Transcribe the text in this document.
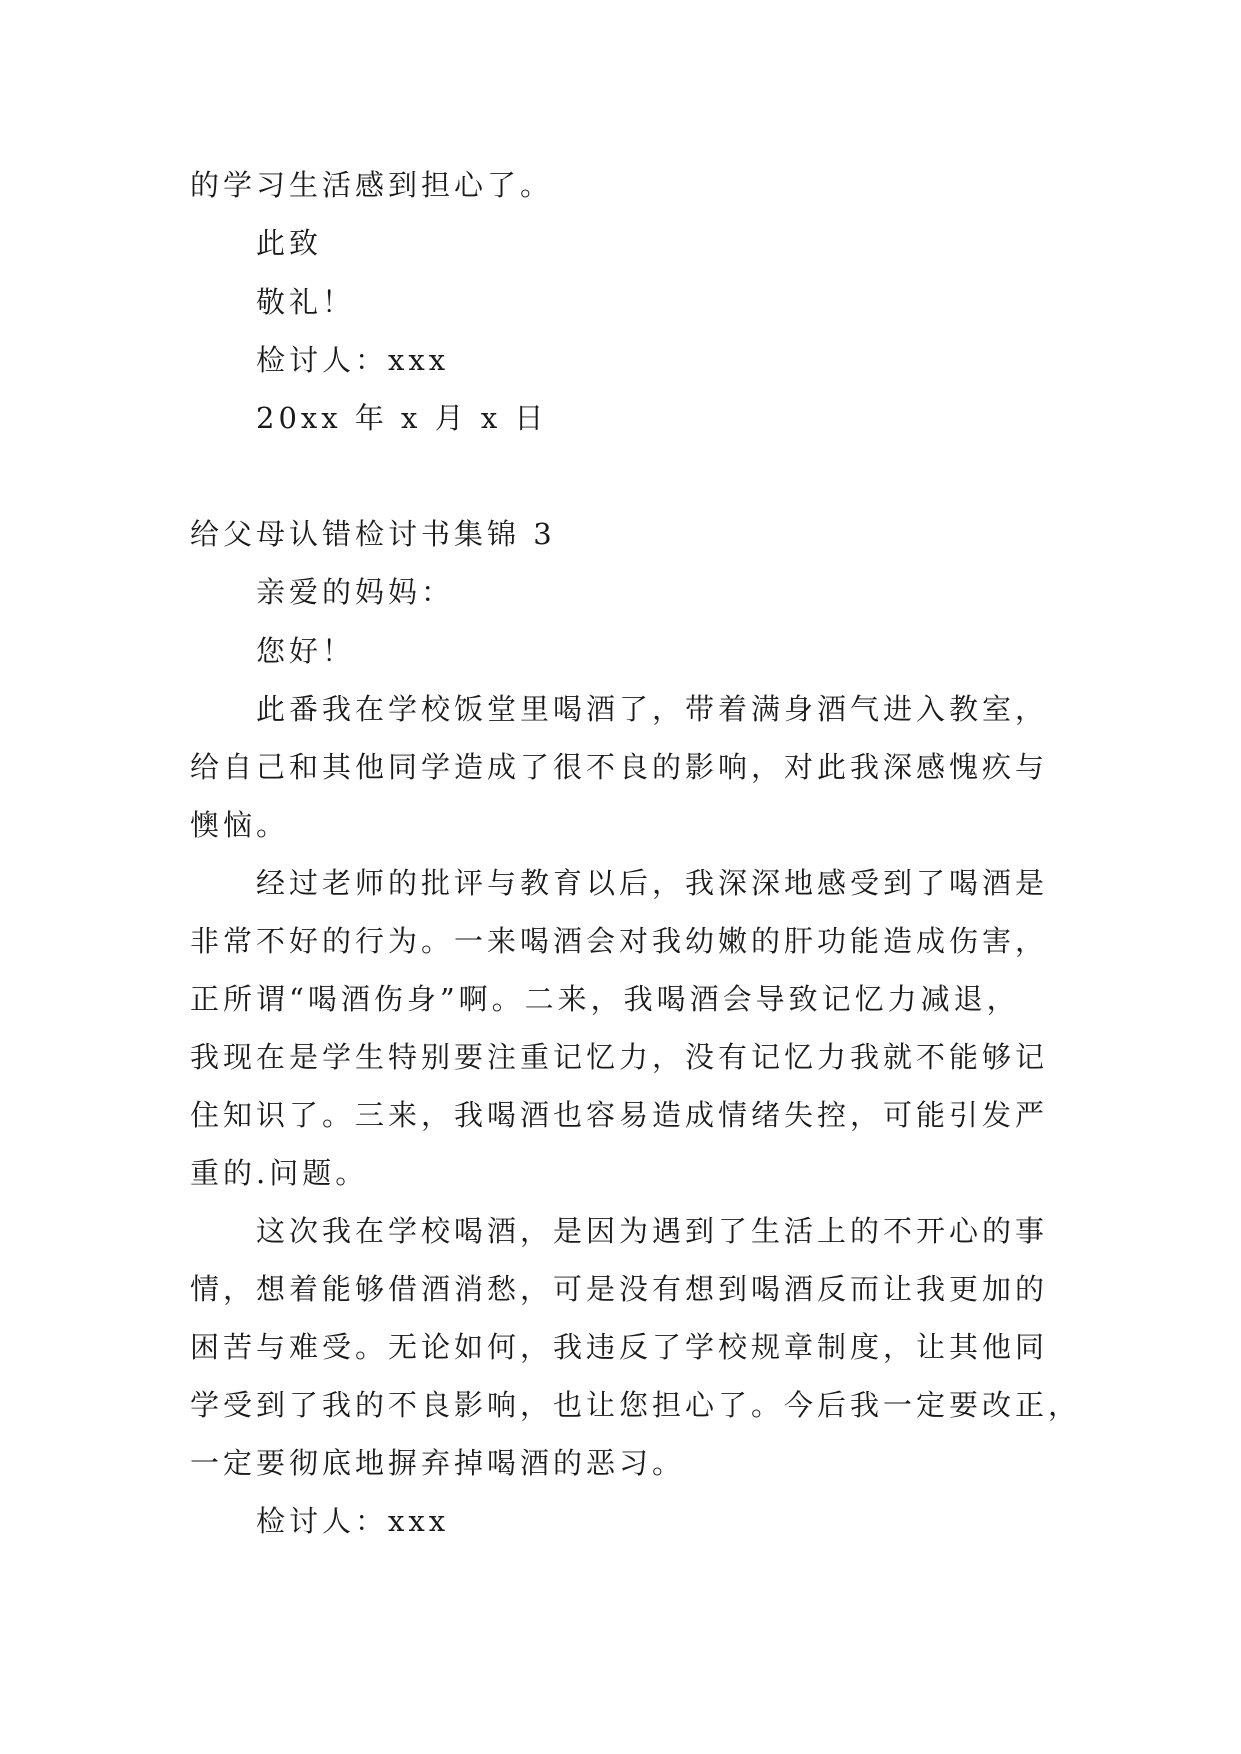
的学习生活感到担心了。
此致
敬礼！
检讨人：xxx
20xx 年 x 月 x 日
给父母认错检讨书集锦 3
亲爱的妈妈：
您好！
此番我在学校饭堂里喝酒了，带着满身酒气进入教室，
给自己和其他同学造成了很不良的影响，对此我深感愧疚与
懊恼。
经过老师的批评与教育以后，我深深地感受到了喝酒是
非常不好的行为。一来喝酒会对我幼嫩的肝功能造成伤害，
正所谓“喝酒伤身”啊。二来，我喝酒会导致记忆力减退，
我现在是学生特别要注重记忆力，没有记忆力我就不能够记
住知识了。三来，我喝酒也容易造成情绪失控，可能引发严
重的.问题。
这次我在学校喝酒，是因为遇到了生活上的不开心的事
情，想着能够借酒消愁，可是没有想到喝酒反而让我更加的
困苦与难受。无论如何，我违反了学校规章制度，让其他同
学受到了我的不良影响，也让您担心了。今后我一定要改正，
一定要彻底地摒弃掉喝酒的恶习。
检讨人：xxx
